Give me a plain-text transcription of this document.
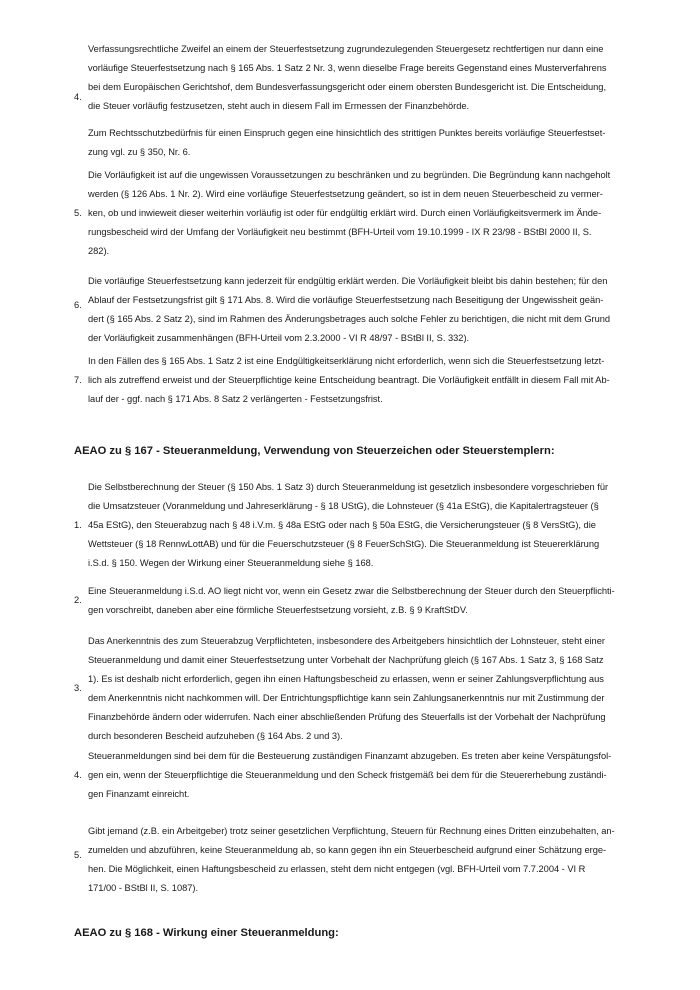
4.

Verfassungsrechtliche Zweifel an einem der Steuerfestsetzung zugrundezulegenden Steuergesetz rechtfertigen nur dann eine
vorläufige Steuerfestsetzung nach § 165 Abs. 1 Satz 2 Nr. 3, wenn dieselbe Frage bereits Gegenstand eines Musterverfahrens
bei dem Europäischen Gerichtshof, dem Bundesverfassungsgericht oder einem obersten Bundesgericht ist. Die Entscheidung,
die Steuer vorläufig festzusetzen, steht auch in diesem Fall im Ermessen der Finanzbehörde.

Zum Rechtsschutzbedürfnis für einen Einspruch gegen eine hinsichtlich des strittigen Punktes bereits vorläufige Steuerfestset-
zung vgl. zu § 350, Nr. 6.

5.

Die Vorläufigkeit ist auf die ungewissen Voraussetzungen zu beschränken und zu begründen. Die Begründung kann nachgeholt
werden (§ 126 Abs. 1 Nr. 2). Wird eine vorläufige Steuerfestsetzung geändert, so ist in dem neuen Steuerbescheid zu vermer-
ken, ob und inwieweit dieser weiterhin vorläufig ist oder für endgültig erklärt wird. Durch einen Vorläufigkeitsvermerk im Ände-
rungsbescheid wird der Umfang der Vorläufigkeit neu bestimmt (BFH-Urteil vom 19.10.1999 - IX R 23/98 - BStBl 2000 II, S.
282).

6.

Die vorläufige Steuerfestsetzung kann jederzeit für endgültig erklärt werden. Die Vorläufigkeit bleibt bis dahin bestehen; für den
Ablauf der Festsetzungsfrist gilt § 171 Abs. 8. Wird die vorläufige Steuerfestsetzung nach Beseitigung der Ungewissheit geän-
dert (§ 165 Abs. 2 Satz 2), sind im Rahmen des Änderungsbetrages auch solche Fehler zu berichtigen, die nicht mit dem Grund
der Vorläufigkeit zusammenhängen (BFH-Urteil vom 2.3.2000 - VI R 48/97 - BStBl II, S. 332).

7.

In den Fällen des § 165 Abs. 1 Satz 2 ist eine Endgültigkeitserklärung nicht erforderlich, wenn sich die Steuerfestsetzung letzt-
lich als zutreffend erweist und der Steuerpflichtige keine Entscheidung beantragt. Die Vorläufigkeit entfällt in diesem Fall mit Ab-
lauf der - ggf. nach § 171 Abs. 8 Satz 2 verlängerten - Festsetzungsfrist.

AEAO zu § 167 - Steueranmeldung, Verwendung von Steuerzeichen oder Steuerstemplern:
1.

Die Selbstberechnung der Steuer (§ 150 Abs. 1 Satz 3) durch Steueranmeldung ist gesetzlich insbesondere vorgeschrieben für
die Umsatzsteuer (Voranmeldung und Jahreserklärung - § 18 UStG), die Lohnsteuer (§ 41a EStG), die Kapitalertragsteuer (§
45a EStG), den Steuerabzug nach § 48 i.V.m. § 48a EStG oder nach § 50a EStG, die Versicherungsteuer (§ 8 VersStG), die
Wettsteuer (§ 18 RennwLottAB) und für die Feuerschutzsteuer (§ 8 FeuerSchStG). Die Steueranmeldung ist Steuererklärung
i.S.d. § 150. Wegen der Wirkung einer Steueranmeldung siehe § 168.

2.

Eine Steueranmeldung i.S.d. AO liegt nicht vor, wenn ein Gesetz zwar die Selbstberechnung der Steuer durch den Steuerpflichti-
gen vorschreibt, daneben aber eine förmliche Steuerfestsetzung vorsieht, z.B. § 9 KraftStDV.

3.

Das Anerkenntnis des zum Steuerabzug Verpflichteten, insbesondere des Arbeitgebers hinsichtlich der Lohnsteuer, steht einer
Steueranmeldung und damit einer Steuerfestsetzung unter Vorbehalt der Nachprüfung gleich (§ 167 Abs. 1 Satz 3, § 168 Satz
1). Es ist deshalb nicht erforderlich, gegen ihn einen Haftungsbescheid zu erlassen, wenn er seiner Zahlungsverpflichtung aus
dem Anerkenntnis nicht nachkommen will. Der Entrichtungspflichtige kann sein Zahlungsanerkenntnis nur mit Zustimmung der
Finanzbehörde ändern oder widerrufen. Nach einer abschließenden Prüfung des Steuerfalls ist der Vorbehalt der Nachprüfung
durch besonderen Bescheid aufzuheben (§ 164 Abs. 2 und 3).

4.

Steueranmeldungen sind bei dem für die Besteuerung zuständigen Finanzamt abzugeben. Es treten aber keine Verspätungsfol-
gen ein, wenn der Steuerpflichtige die Steueranmeldung und den Scheck fristgemäß bei dem für die Steuererhebung zuständi-
gen Finanzamt einreicht.

5.

Gibt jemand (z.B. ein Arbeitgeber) trotz seiner gesetzlichen Verpflichtung, Steuern für Rechnung eines Dritten einzubehalten, an-
zumelden und abzuführen, keine Steueranmeldung ab, so kann gegen ihn ein Steuerbescheid aufgrund einer Schätzung erge-
hen. Die Möglichkeit, einen Haftungsbescheid zu erlassen, steht dem nicht entgegen (vgl. BFH-Urteil vom 7.7.2004 - VI R
171/00 - BStBl II, S. 1087).

AEAO zu § 168 - Wirkung einer Steueranmeldung:
